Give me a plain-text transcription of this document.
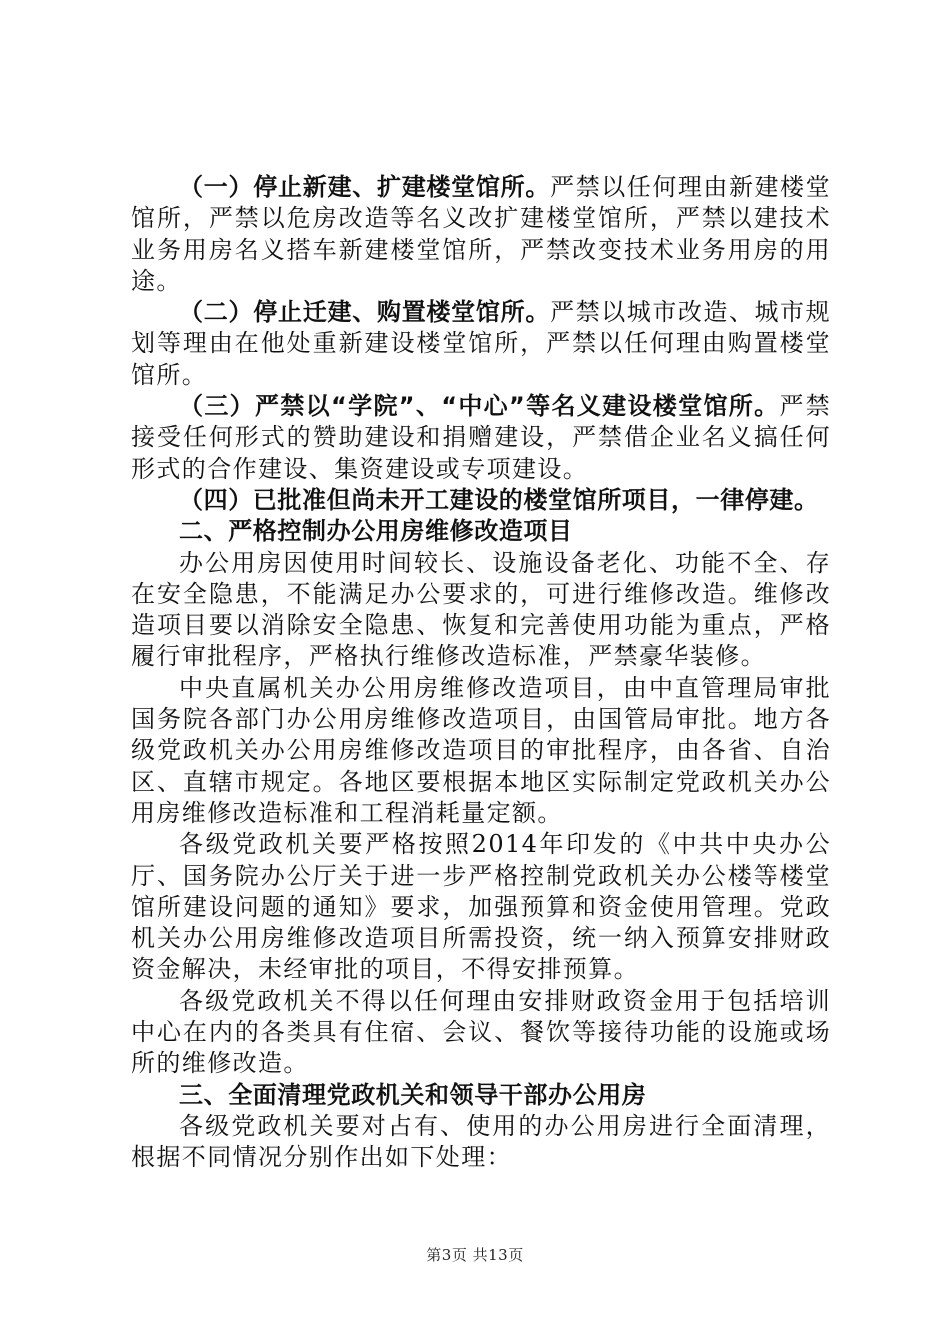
（一）停止新建、扩建楼堂馆所。严禁以任何理由新建楼堂馆所，严禁以危房改造等名义改扩建楼堂馆所，严禁以建技术业务用房名义搭车新建楼堂馆所，严禁改变技术业务用房的用途。

（二）停止迁建、购置楼堂馆所。严禁以城市改造、城市规划等理由在他处重新建设楼堂馆所，严禁以任何理由购置楼堂馆所。

（三）严禁以“学院”、“中心”等名义建设楼堂馆所。严禁接受任何形式的赞助建设和捐赠建设，严禁借企业名义搞任何形式的合作建设、集资建设或专项建设。

（四）已批准但尚未开工建设的楼堂馆所项目，一律停建。

二、严格控制办公用房维修改造项目

办公用房因使用时间较长、设施设备老化、功能不全、存在安全隐患，不能满足办公要求的，可进行维修改造。维修改造项目要以消除安全隐患、恢复和完善使用功能为重点，严格履行审批程序，严格执行维修改造标准，严禁豪华装修。

中央直属机关办公用房维修改造项目，由中直管理局审批国务院各部门办公用房维修改造项目，由国管局审批。地方各级党政机关办公用房维修改造项目的审批程序，由各省、自治区、直辖市规定。各地区要根据本地区实际制定党政机关办公用房维修改造标准和工程消耗量定额。

各级党政机关要严格按照2014年印发的《中共中央办公厅、国务院办公厅关于进一步严格控制党政机关办公楼等楼堂馆所建设问题的通知》要求，加强预算和资金使用管理。党政机关办公用房维修改造项目所需投资，统一纳入预算安排财政资金解决，未经审批的项目，不得安排预算。

各级党政机关不得以任何理由安排财政资金用于包括培训中心在内的各类具有住宿、会议、餐饮等接待功能的设施或场所的维修改造。

三、全面清理党政机关和领导干部办公用房

各级党政机关要对占有、使用的办公用房进行全面清理，根据不同情况分别作出如下处理：

第3页 共13页
